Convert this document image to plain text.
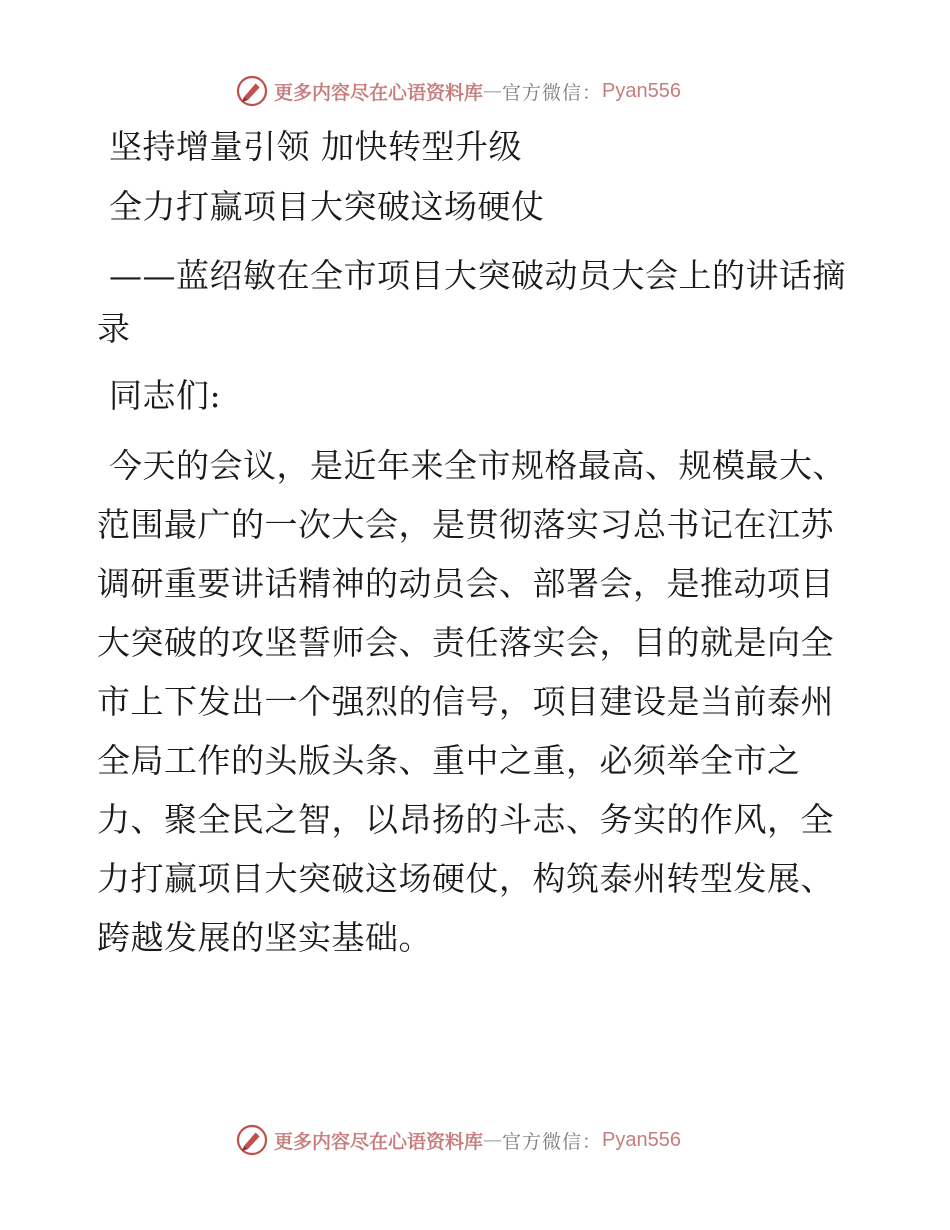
更多内容尽在心语资料库 — 官方微信： Pyan556

坚持增量引领 加快转型升级

全力打赢项目大突破这场硬仗

——蓝绍敏在全市项目大突破动员大会上的讲话摘录

同志们:

今天的会议，是近年来全市规格最高、规模最大、范围最广的一次大会，是贯彻落实习总书记在江苏调研重要讲话精神的动员会、部署会，是推动项目大突破的攻坚誓师会、责任落实会，目的就是向全市上下发出一个强烈的信号，项目建设是当前泰州全局工作的头版头条、重中之重，必须举全市之力、聚全民之智，以昂扬的斗志、务实的作风，全力打赢项目大突破这场硬仗，构筑泰州转型发展、跨越发展的坚实基础。

更多内容尽在心语资料库 — 官方微信： Pyan556
